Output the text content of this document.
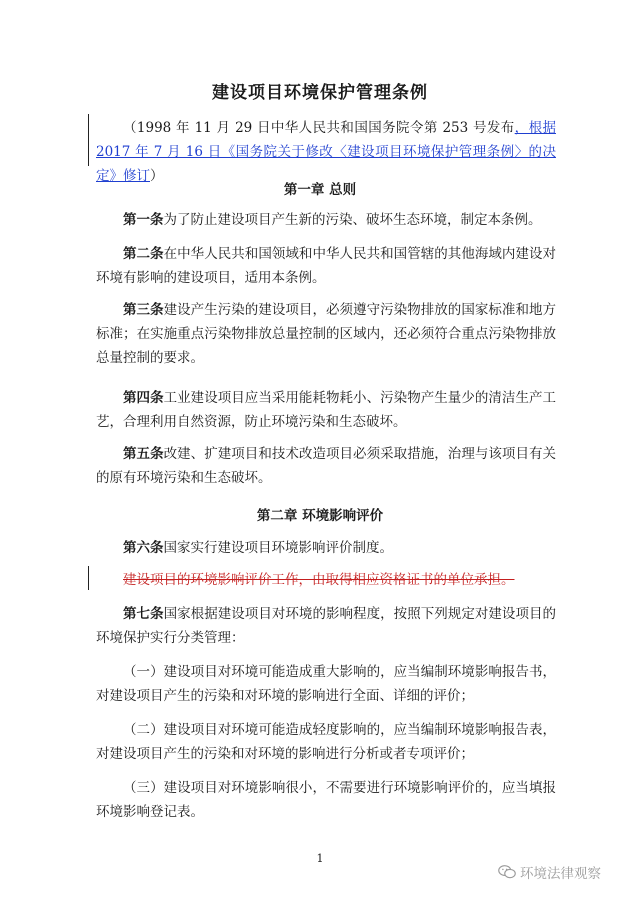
建设项目环境保护管理条例

（1998 年 11 月 29 日中华人民共和国国务院令第 253 号发布，根据 2017 年 7 月 16 日《国务院关于修改〈建设项目环境保护管理条例〉的决定》修订）

第一章 总则

第一条为了防止建设项目产生新的污染、破坏生态环境，制定本条例。

第二条在中华人民共和国领域和中华人民共和国管辖的其他海域内建设对环境有影响的建设项目，适用本条例。

第三条建设产生污染的建设项目，必须遵守污染物排放的国家标准和地方标准；在实施重点污染物排放总量控制的区域内，还必须符合重点污染物排放总量控制的要求。

第四条工业建设项目应当采用能耗物耗小、污染物产生量少的清洁生产工艺，合理利用自然资源，防止环境污染和生态破坏。

第五条改建、扩建项目和技术改造项目必须采取措施，治理与该项目有关的原有环境污染和生态破坏。

第二章 环境影响评价

第六条国家实行建设项目环境影响评价制度。

建设项目的环境影响评价工作，由取得相应资格证书的单位承担。

第七条国家根据建设项目对环境的影响程度，按照下列规定对建设项目的环境保护实行分类管理：

（一）建设项目对环境可能造成重大影响的，应当编制环境影响报告书，对建设项目产生的污染和对环境的影响进行全面、详细的评价；

（二）建设项目对环境可能造成轻度影响的，应当编制环境影响报告表，对建设项目产生的污染和对环境的影响进行分析或者专项评价；

（三）建设项目对环境影响很小，不需要进行环境影响评价的，应当填报环境影响登记表。

1
环境法律观察
